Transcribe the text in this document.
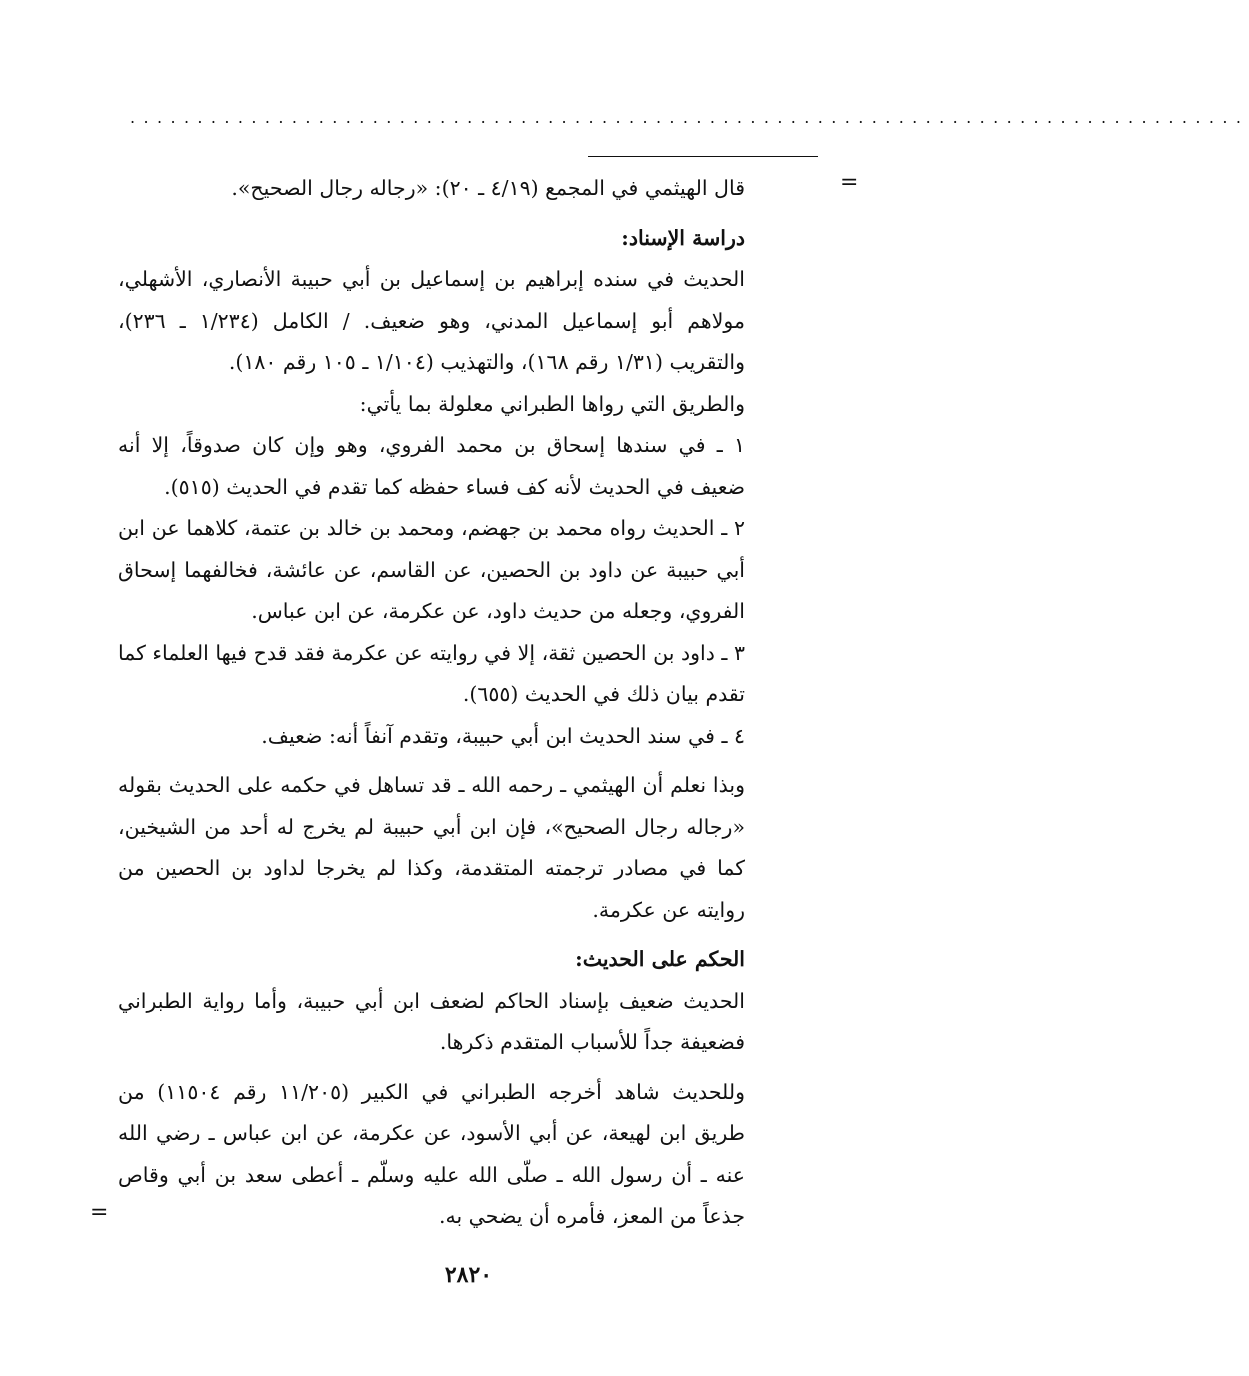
...................................................................................
=

قال الهيثمي في المجمع (٤/١٩ ـ ٢٠): «رجاله رجال الصحيح».

دراسة الإسناد:

الحديث في سنده إبراهيم بن إسماعيل بن أبي حبيبة الأنصاري، الأشهلي، مولاهم أبو إسماعيل المدني، وهو ضعيف. / الكامل (١/٢٣٤ ـ ٢٣٦)، والتقريب (١/٣١ رقم ١٦٨)، والتهذيب (١/١٠٤ ـ ١٠٥ رقم ١٨٠).

والطريق التي رواها الطبراني معلولة بما يأتي:

١ ـ في سندها إسحاق بن محمد الفروي، وهو وإن كان صدوقاً، إلا أنه ضعيف في الحديث لأنه كف فساء حفظه كما تقدم في الحديث (٥١٥).

٢ ـ الحديث رواه محمد بن جهضم، ومحمد بن خالد بن عتمة، كلاهما عن ابن أبي حبيبة عن داود بن الحصين، عن القاسم، عن عائشة، فخالفهما إسحاق الفروي، وجعله من حديث داود، عن عكرمة، عن ابن عباس.

٣ ـ داود بن الحصين ثقة، إلا في روايته عن عكرمة فقد قدح فيها العلماء كما تقدم بيان ذلك في الحديث (٦٥٥).

٤ ـ في سند الحديث ابن أبي حبيبة، وتقدم آنفاً أنه: ضعيف.

وبذا نعلم أن الهيثمي ـ رحمه الله ـ قد تساهل في حكمه على الحديث بقوله «رجاله رجال الصحيح»، فإن ابن أبي حبيبة لم يخرج له أحد من الشيخين، كما في مصادر ترجمته المتقدمة، وكذا لم يخرجا لداود بن الحصين من روايته عن عكرمة.

الحكم على الحديث:

الحديث ضعيف بإسناد الحاكم لضعف ابن أبي حبيبة، وأما رواية الطبراني فضعيفة جداً للأسباب المتقدم ذكرها.

وللحديث شاهد أخرجه الطبراني في الكبير (١١/٢٠٥ رقم ١١٥٠٤) من طريق ابن لهيعة، عن أبي الأسود، عن عكرمة، عن ابن عباس ـ رضي الله عنه ـ أن رسول الله ـ صلّى الله عليه وسلّم ـ أعطى سعد بن أبي وقاص جذعاً من المعز، فأمره أن يضحي به.

=
٢٨٢٠
